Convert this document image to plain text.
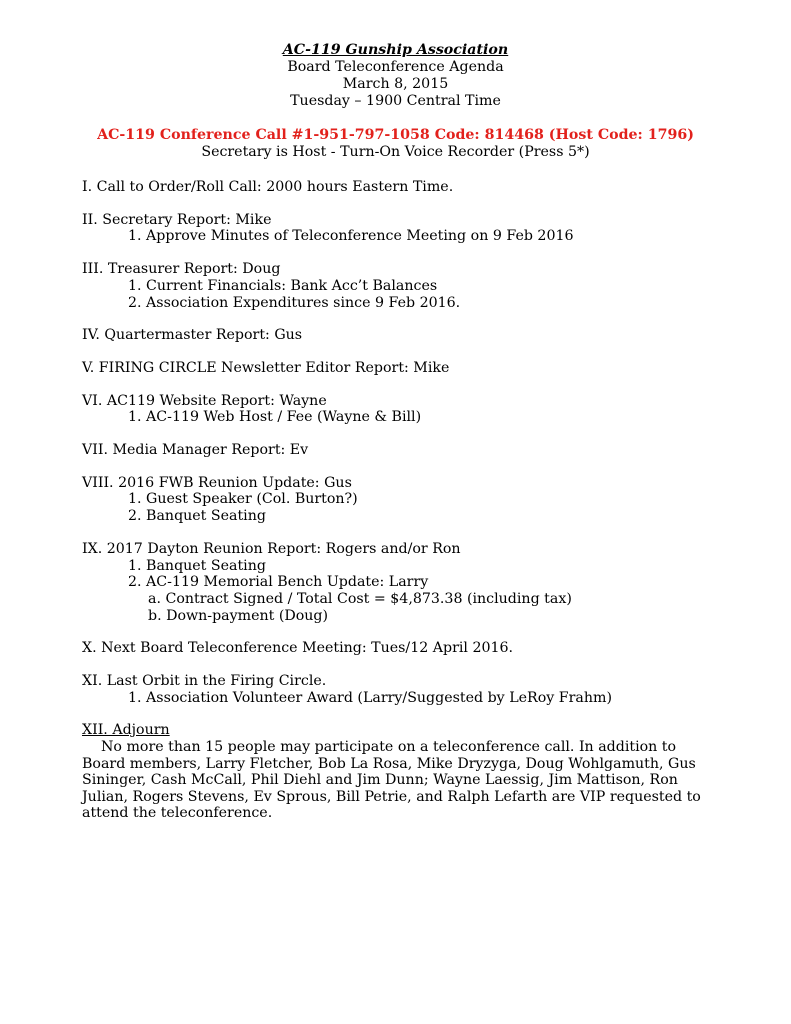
AC-119 Gunship Association
Board Teleconference Agenda
March 8, 2015
Tuesday – 1900 Central Time
AC-119 Conference Call #1-951-797-1058 Code: 814468 (Host Code: 1796)
Secretary is Host - Turn-On Voice Recorder (Press 5*)
I. Call to Order/Roll Call: 2000 hours Eastern Time.
II. Secretary Report: Mike
1. Approve Minutes of Teleconference Meeting on 9 Feb 2016
III. Treasurer Report: Doug
1. Current Financials: Bank Acc’t Balances
2. Association Expenditures since 9 Feb 2016.
IV. Quartermaster Report: Gus
V. FIRING CIRCLE Newsletter Editor Report: Mike
VI. AC119 Website Report: Wayne
1. AC-119 Web Host / Fee (Wayne & Bill)
VII. Media Manager Report: Ev
VIII. 2016 FWB Reunion Update: Gus
1. Guest Speaker (Col. Burton?)
2. Banquet Seating
IX. 2017 Dayton Reunion Report: Rogers and/or Ron
1. Banquet Seating
2. AC-119 Memorial Bench Update: Larry
a. Contract Signed / Total Cost = $4,873.38 (including tax)
b. Down-payment (Doug)
X. Next Board Teleconference Meeting: Tues/12 April 2016.
XI. Last Orbit in the Firing Circle.
1. Association Volunteer Award (Larry/Suggested by LeRoy Frahm)
XII. Adjourn
No more than 15 people may participate on a teleconference call. In addition to Board members, Larry Fletcher, Bob La Rosa, Mike Dryzyga, Doug Wohlgamuth, Gus Sininger, Cash McCall, Phil Diehl and Jim Dunn; Wayne Laessig, Jim Mattison, Ron Julian, Rogers Stevens, Ev Sprous, Bill Petrie, and Ralph Lefarth are VIP requested to attend the teleconference.
